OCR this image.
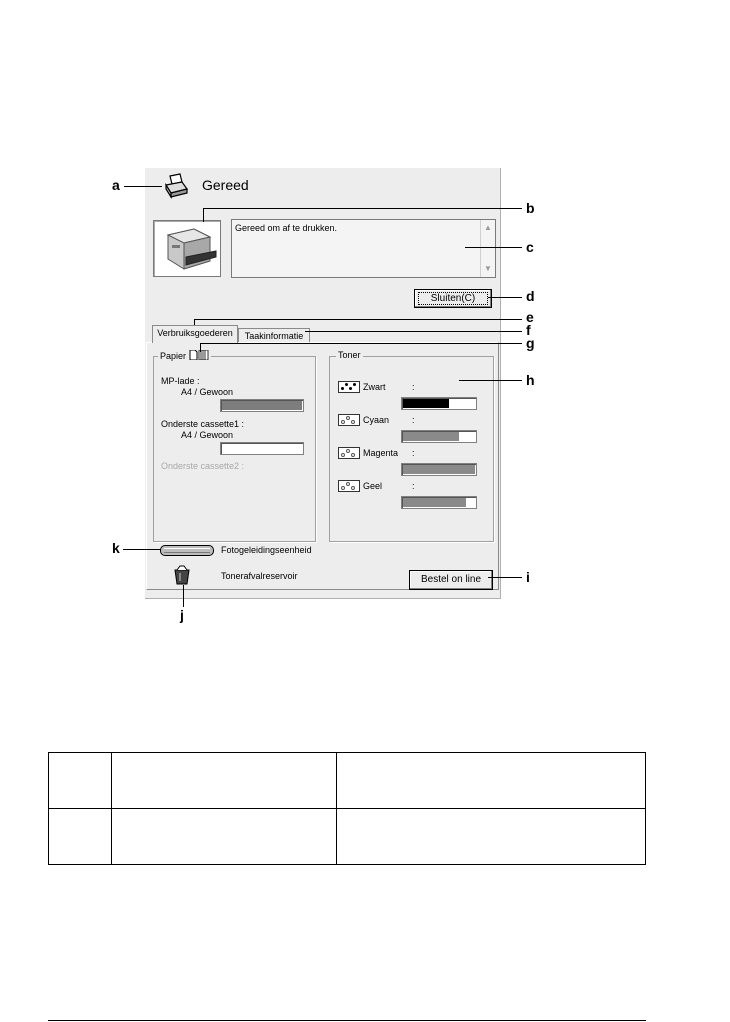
Gereed
Gereed om af te drukken.	▲
▼
Sluiten(C)
Verbruiksgoederen	Taakinformatie
Papier
MP-lade :
A4 / Gewoon
Onderste cassette1 :
A4 / Gewoon
Onderste cassette2 :
Toner
Zwart	:
Cyaan	:
Magenta :
Geel	:
Fotogeleidingseenheid
Tonerafvalreservoir	Bestel on line
a
b
c
d
e
f
g
h
i
j
k
